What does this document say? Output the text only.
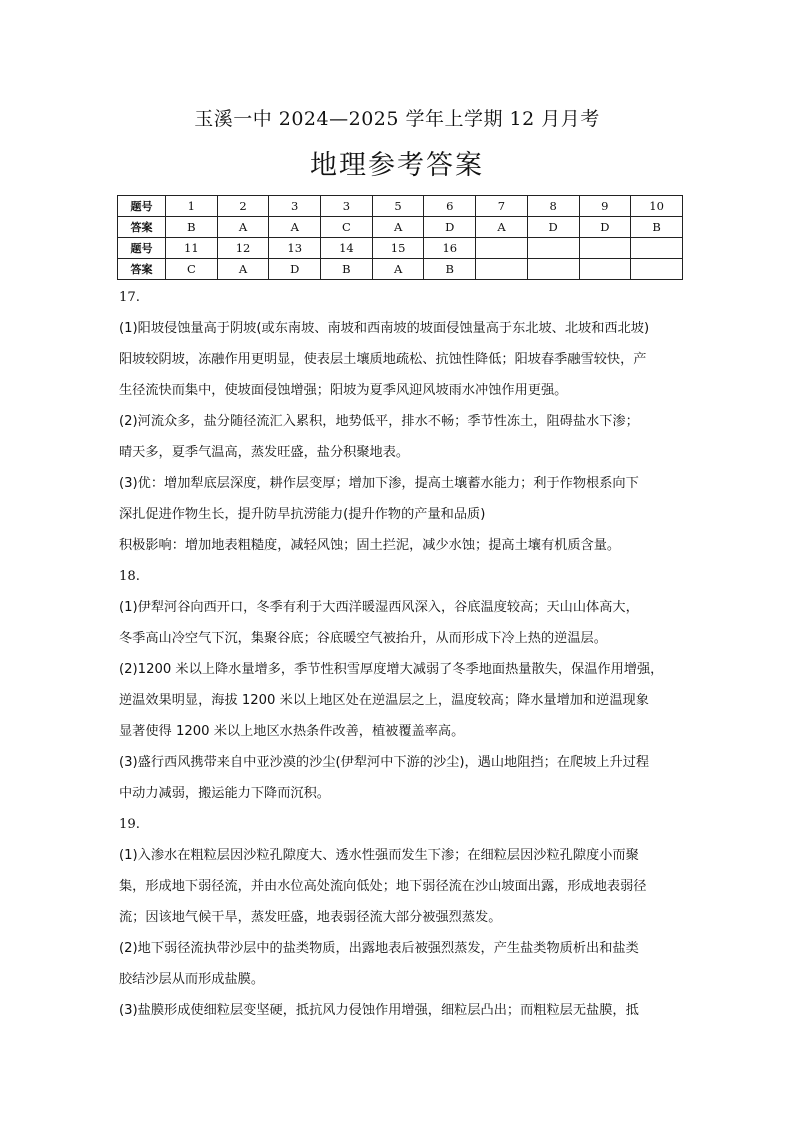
玉溪一中 2024—2025 学年上学期 12 月月考
地理参考答案
题号	1	2	3	3	5	6	7	8	9	10
答案	B	A	A	C	A	D	A	D	D	B
题号	11	12	13	14	15	16				
答案	C	A	D	B	A	B				

17.

(1)阳坡侵蚀量高于阴坡(或东南坡、南坡和西南坡的坡面侵蚀量高于东北坡、北坡和西北坡)

阳坡较阴坡，冻融作用更明显，使表层土壤质地疏松、抗蚀性降低；阳坡春季融雪较快，产

生径流快而集中，使坡面侵蚀增强；阳坡为夏季风迎风坡雨水冲蚀作用更强。

(2)河流众多，盐分随径流汇入累积，地势低平，排水不畅；季节性冻土，阻碍盐水下渗；

晴天多，夏季气温高，蒸发旺盛，盐分积聚地表。

(3)优：增加犁底层深度，耕作层变厚；增加下渗，提高土壤蓄水能力；利于作物根系向下

深扎促进作物生长，提升防旱抗涝能力(提升作物的产量和品质)

积极影响：增加地表粗糙度，减轻风蚀；固土拦泥，减少水蚀；提高土壤有机质含量。

18.

(1)伊犁河谷向西开口，冬季有利于大西洋暖湿西风深入，谷底温度较高；天山山体高大，

冬季高山冷空气下沉，集聚谷底；谷底暖空气被抬升，从而形成下冷上热的逆温层。

(2)1200 米以上降水量增多，季节性积雪厚度增大减弱了冬季地面热量散失，保温作用增强，

逆温效果明显，海拔 1200 米以上地区处在逆温层之上，温度较高；降水量增加和逆温现象

显著使得 1200 米以上地区水热条件改善，植被覆盖率高。

(3)盛行西风携带来自中亚沙漠的沙尘(伊犁河中下游的沙尘)，遇山地阻挡；在爬坡上升过程

中动力减弱，搬运能力下降而沉积。

19.

(1)入渗水在粗粒层因沙粒孔隙度大、透水性强而发生下渗；在细粒层因沙粒孔隙度小而聚

集，形成地下弱径流，并由水位高处流向低处；地下弱径流在沙山坡面出露，形成地表弱径

流；因该地气候干旱，蒸发旺盛，地表弱径流大部分被强烈蒸发。

(2)地下弱径流执带沙层中的盐类物质，出露地表后被强烈蒸发，产生盐类物质析出和盐类

胶结沙层从而形成盐膜。

(3)盐膜形成使细粒层变坚硬，抵抗风力侵蚀作用增强，细粒层凸出；而粗粒层无盐膜，抵
